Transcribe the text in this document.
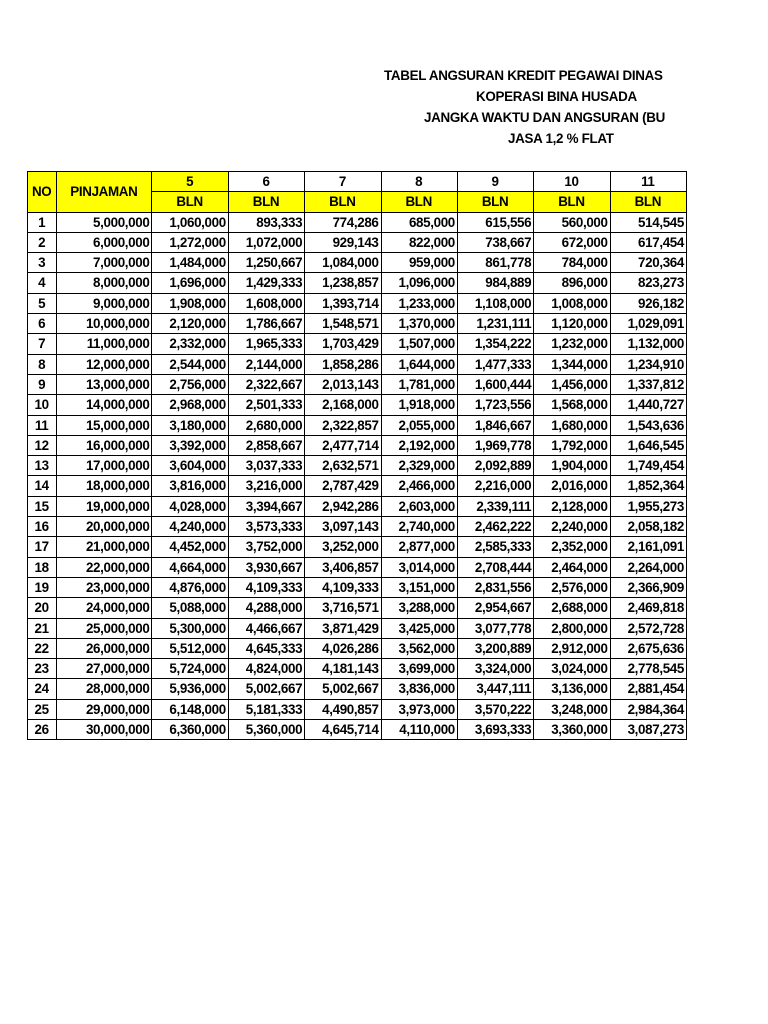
TABEL ANGSURAN KREDIT PEGAWAI DINAS
KOPERASI BINA HUSADA
JANGKA WAKTU DAN ANGSURAN (BU
JASA 1,2 % FLAT
NO	PINJAMAN	5	6	7	8	9	10	11
		BLN	BLN	BLN	BLN	BLN	BLN	BLN
1	5,000,000	1,060,000	893,333	774,286	685,000	615,556	560,000	514,545
2	6,000,000	1,272,000	1,072,000	929,143	822,000	738,667	672,000	617,454
3	7,000,000	1,484,000	1,250,667	1,084,000	959,000	861,778	784,000	720,364
4	8,000,000	1,696,000	1,429,333	1,238,857	1,096,000	984,889	896,000	823,273
5	9,000,000	1,908,000	1,608,000	1,393,714	1,233,000	1,108,000	1,008,000	926,182
6	10,000,000	2,120,000	1,786,667	1,548,571	1,370,000	1,231,111	1,120,000	1,029,091
7	11,000,000	2,332,000	1,965,333	1,703,429	1,507,000	1,354,222	1,232,000	1,132,000
8	12,000,000	2,544,000	2,144,000	1,858,286	1,644,000	1,477,333	1,344,000	1,234,910
9	13,000,000	2,756,000	2,322,667	2,013,143	1,781,000	1,600,444	1,456,000	1,337,812
10	14,000,000	2,968,000	2,501,333	2,168,000	1,918,000	1,723,556	1,568,000	1,440,727
11	15,000,000	3,180,000	2,680,000	2,322,857	2,055,000	1,846,667	1,680,000	1,543,636
12	16,000,000	3,392,000	2,858,667	2,477,714	2,192,000	1,969,778	1,792,000	1,646,545
13	17,000,000	3,604,000	3,037,333	2,632,571	2,329,000	2,092,889	1,904,000	1,749,454
14	18,000,000	3,816,000	3,216,000	2,787,429	2,466,000	2,216,000	2,016,000	1,852,364
15	19,000,000	4,028,000	3,394,667	2,942,286	2,603,000	2,339,111	2,128,000	1,955,273
16	20,000,000	4,240,000	3,573,333	3,097,143	2,740,000	2,462,222	2,240,000	2,058,182
17	21,000,000	4,452,000	3,752,000	3,252,000	2,877,000	2,585,333	2,352,000	2,161,091
18	22,000,000	4,664,000	3,930,667	3,406,857	3,014,000	2,708,444	2,464,000	2,264,000
19	23,000,000	4,876,000	4,109,333	4,109,333	3,151,000	2,831,556	2,576,000	2,366,909
20	24,000,000	5,088,000	4,288,000	3,716,571	3,288,000	2,954,667	2,688,000	2,469,818
21	25,000,000	5,300,000	4,466,667	3,871,429	3,425,000	3,077,778	2,800,000	2,572,728
22	26,000,000	5,512,000	4,645,333	4,026,286	3,562,000	3,200,889	2,912,000	2,675,636
23	27,000,000	5,724,000	4,824,000	4,181,143	3,699,000	3,324,000	3,024,000	2,778,545
24	28,000,000	5,936,000	5,002,667	5,002,667	3,836,000	3,447,111	3,136,000	2,881,454
25	29,000,000	6,148,000	5,181,333	4,490,857	3,973,000	3,570,222	3,248,000	2,984,364
26	30,000,000	6,360,000	5,360,000	4,645,714	4,110,000	3,693,333	3,360,000	3,087,273
